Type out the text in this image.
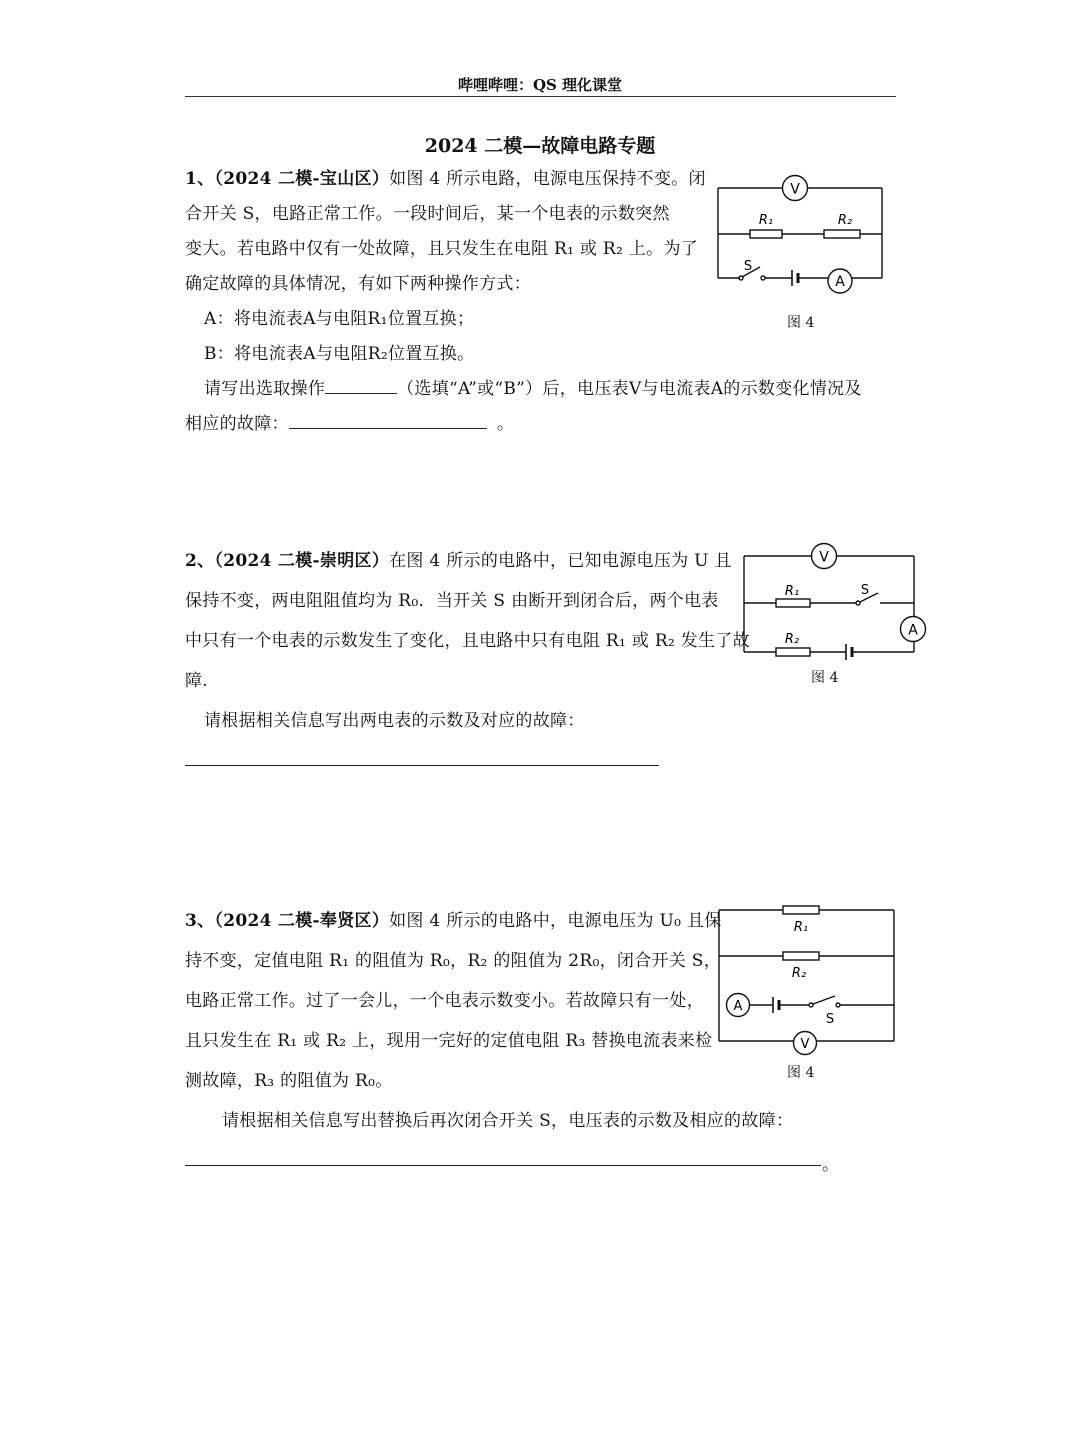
哔哩哔哩：QS 理化课堂
2024 二模—故障电路专题
1、（2024 二模-宝山区）如图 4 所示电路，电源电压保持不变。闭
合开关 S，电路正常工作。一段时间后，某一个电表的示数突然
变大。若电路中仅有一处故障，且只发生在电阻 R₁ 或 R₂ 上。为了
确定故障的具体情况，有如下两种操作方式：
A：将电流表A与电阻R₁位置互换；
B：将电流表A与电阻R₂位置互换。
请写出选取操作	（选填“A”或“B”）后，电压表V与电流表A的示数变化情况及
相应的故障：	。
V
A
R₁	R₂
S
图 4
2、（2024 二模-崇明区）在图 4 所示的电路中，已知电源电压为 U 且
保持不变，两电阻阻值均为 R₀．当开关 S 由断开到闭合后，两个电表
中只有一个电表的示数发生了变化，且电路中只有电阻 R₁ 或 R₂ 发生了故
障.
请根据相关信息写出两电表的示数及对应的故障：
V
A
R₁
R₂
S
图 4
3、（2024 二模-奉贤区）如图 4 所示的电路中，电源电压为 U₀ 且保
持不变，定值电阻 R₁ 的阻值为 R₀，R₂ 的阻值为 2R₀，闭合开关 S，
电路正常工作。过了一会儿，一个电表示数变小。若故障只有一处，
且只发生在 R₁ 或 R₂ 上，现用一完好的定值电阻 R₃ 替换电流表来检
测故障，R₃ 的阻值为 R₀。
请根据相关信息写出替换后再次闭合开关 S，电压表的示数及相应的故障：
。
A
V
R₁
R₂
S
图 4
